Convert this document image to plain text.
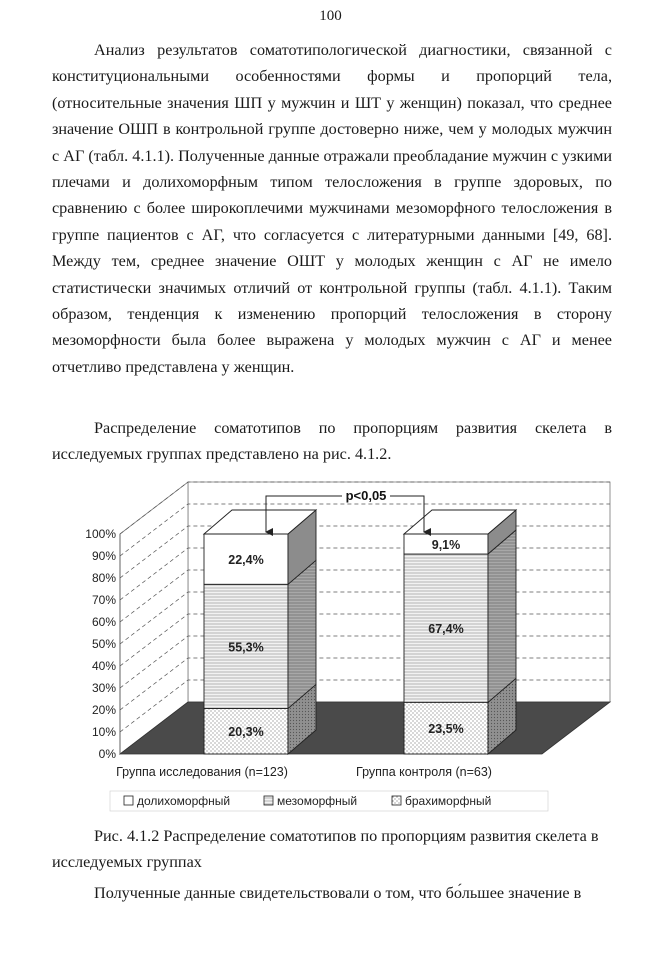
100

Анализ результатов соматотипологической диагностики, связанной с конституциональными особенностями формы и пропорций тела, (относительные значения ШП у мужчин и ШТ у женщин) показал, что среднее значение ОШП в контрольной группе достоверно ниже, чем у молодых мужчин с АГ (табл. 4.1.1). Полученные данные отражали преобладание мужчин с узкими плечами и долихоморфным типом телосложения в группе здоровых, по сравнению с более широкоплечими мужчинами мезоморфного телосложения в группе пациентов с АГ, что согласуется с литературными данными [49, 68]. Между тем, среднее значение ОШТ у молодых женщин с АГ не имело статистически значимых отличий от контрольной группы (табл. 4.1.1). Таким образом, тенденция к изменению пропорций телосложения в сторону мезоморфности была более выражена у молодых мужчин с АГ и менее отчетливо представлена у женщин.

Распределение соматотипов по пропорциям развития скелета в исследуемых группах представлено на рис. 4.1.2.

0%
10%
20%
30%
40%
50%
60%
70%
80%
90%
100%
20,3%
55,3%
22,4%
Группа исследования (n=123)
23,5%
67,4%
9,1%
Группа контроля (n=63)
p<0,05
долихоморфный	мезоморфный	брахиморфный

Рис. 4.1.2 Распределение соматотипов по пропорциям развития скелета в исследуемых группах

Полученные данные свидетельствовали о том, что бо́льшее значение в
